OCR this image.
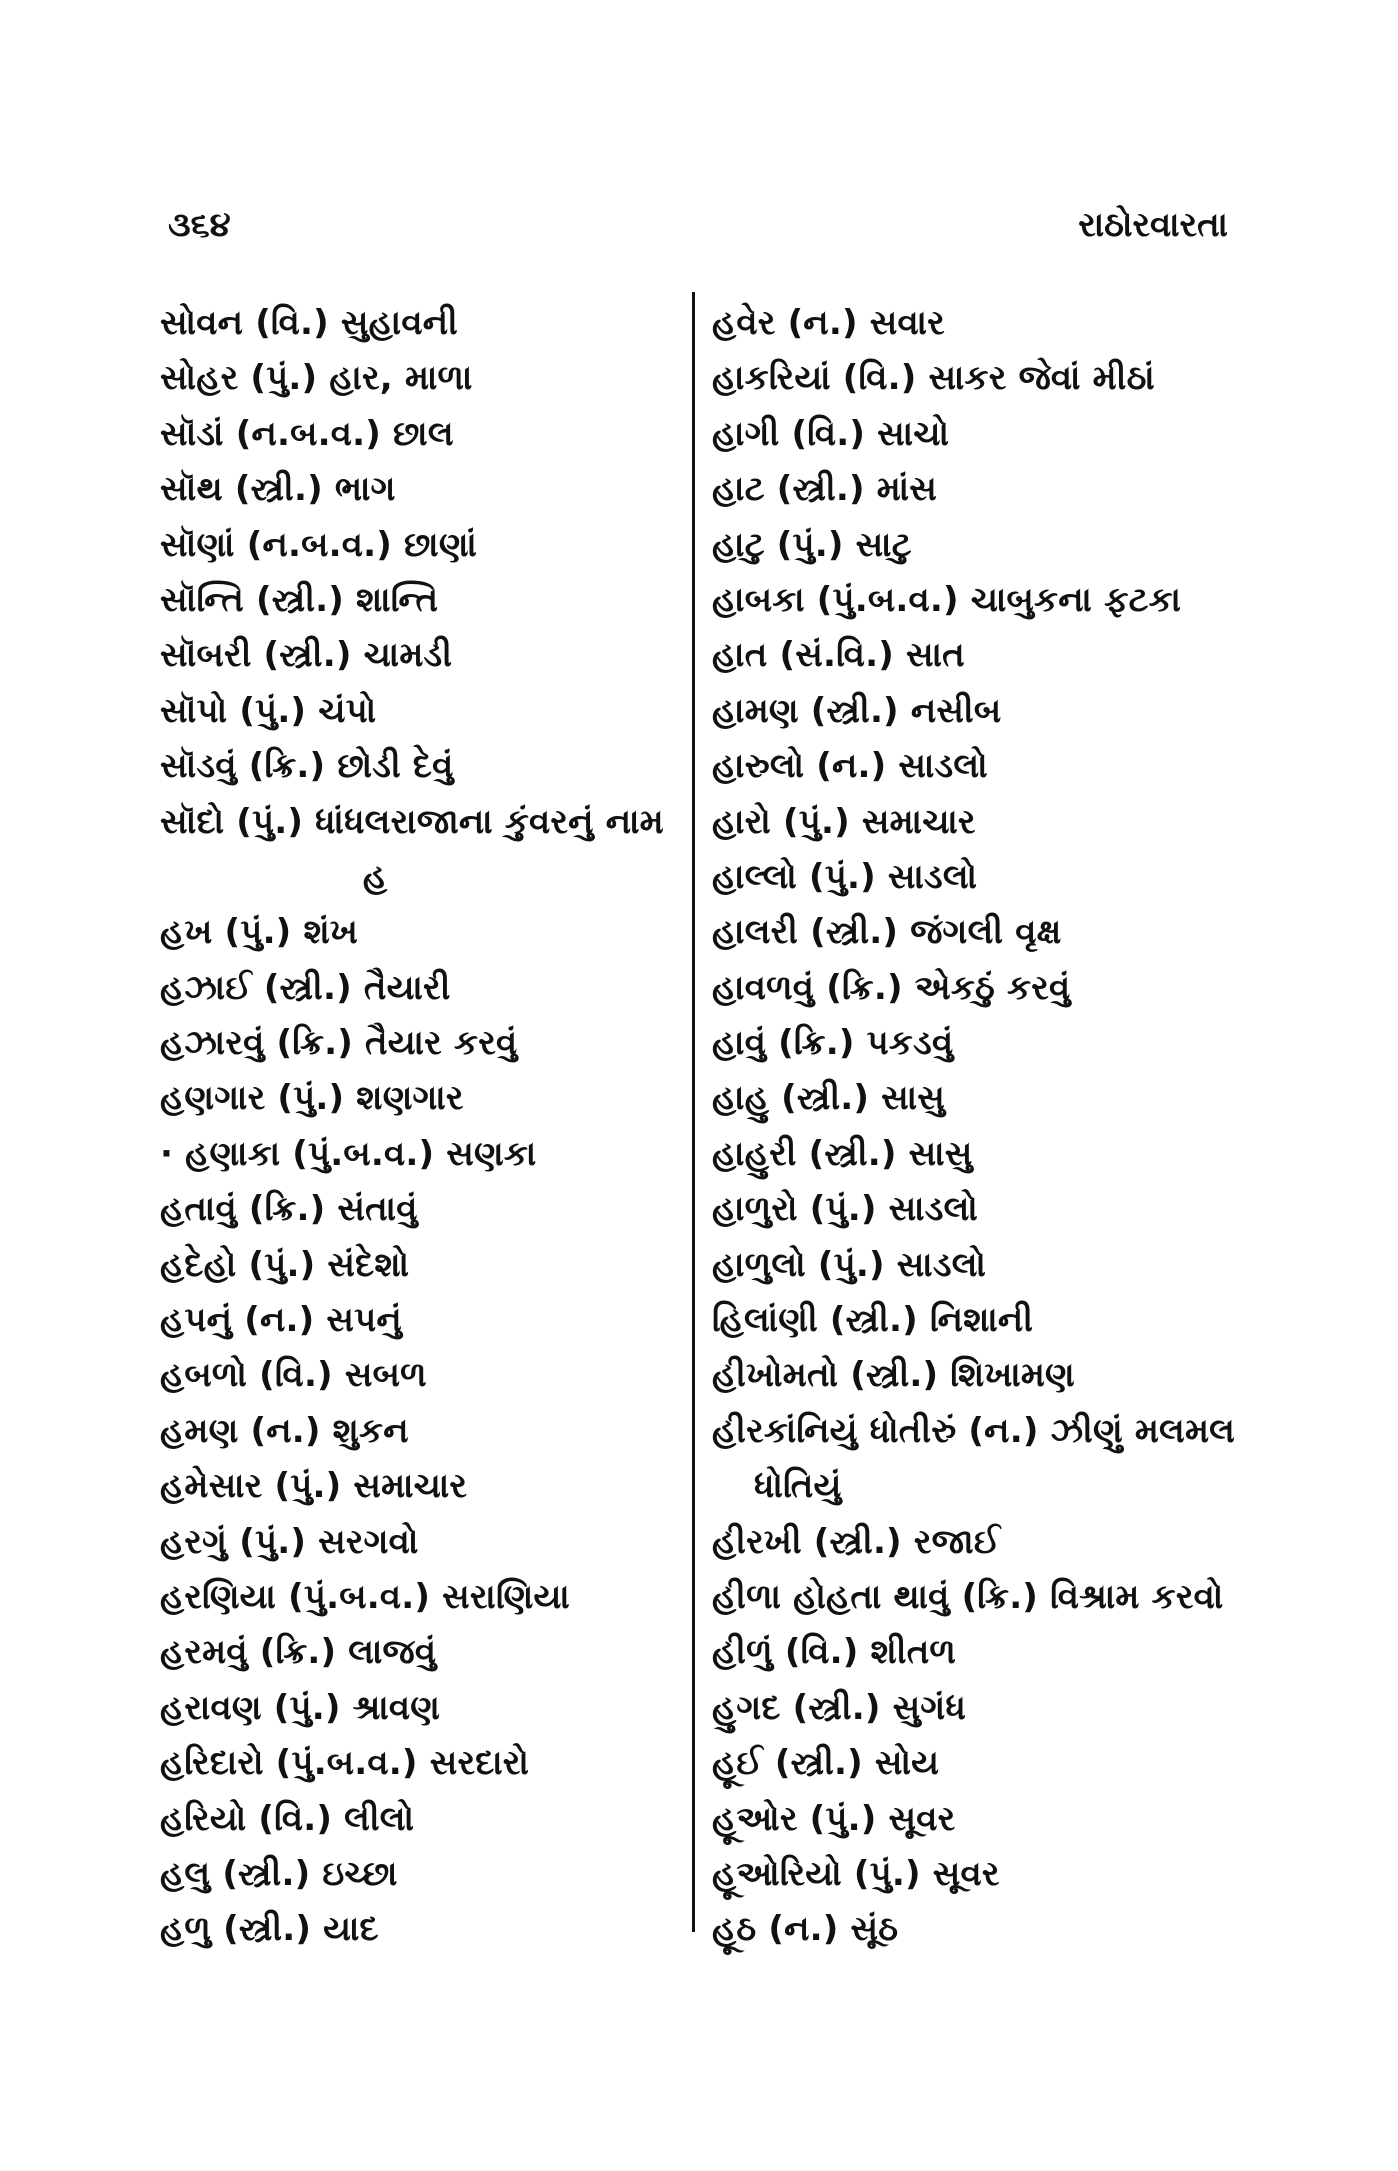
૩૬૪	રાઠોરવારતા
સોવન (વિ.) સુહાવની
સોહર (પું.) હાર, માળા
સૉડાં (ન.બ.વ.) છાલ
સૉથ (સ્ત્રી.) ભાગ
સૉણાં (ન.બ.વ.) છાણાં
સૉન્તિ (સ્ત્રી.) શાન્તિ
સૉબરી (સ્ત્રી.) ચામડી
સૉપો (પું.) ચંપો
સૉડવું (ક્રિ.) છોડી દેવું
સૉદો (પું.) ધાંધલરાજાના કુંવરનું નામ
હ
હખ (પું.) શંખ
હઝાઈ (સ્ત્રી.) તૈયારી
હઝારવું (ક્રિ.) તૈયાર કરવું
હણગાર (પું.) શણગાર
· હણાકા (પું.બ.વ.) સણકા
હતાવું (ક્રિ.) સંતાવું
હદેહો (પું.) સંદેશો
હપનું (ન.) સપનું
હબળો (વિ.) સબળ
હમણ (ન.) શુકન
હમેસાર (પું.) સમાચાર
હરગું (પું.) સરગવો
હરણિયા (પું.બ.વ.) સરાણિયા
હરમવું (ક્રિ.) લાજવું
હરાવણ (પું.) શ્રાવણ
હરિદારો (પું.બ.વ.) સરદારો
હરિયો (વિ.) લીલો
હલુ (સ્ત્રી.) ઇચ્છા
હળુ (સ્ત્રી.) યાદ
હવેર (ન.) સવાર
હાકરિયાં (વિ.) સાકર જેવાં મીઠાં
હાગી (વિ.) સાચો
હાટ (સ્ત્રી.) માંસ
હાટુ (પું.) સાટુ
હાબકા (પું.બ.વ.) ચાબુકના ફટકા
હાત (સં.વિ.) સાત
હામણ (સ્ત્રી.) નસીબ
હારુલો (ન.) સાડલો
હારો (પું.) સમાચાર
હાલ્લો (પું.) સાડલો
હાલરી (સ્ત્રી.) જંગલી વૃક્ષ
હાવળવું (ક્રિ.) એકઠું કરવું
હાવું (ક્રિ.) પકડવું
હાહુ (સ્ત્રી.) સાસુ
હાહુરી (સ્ત્રી.) સાસુ
હાળુરો (પું.) સાડલો
હાળુલો (પું.) સાડલો
હિલાંણી (સ્ત્રી.) નિશાની
હીખોમતો (સ્ત્રી.) શિખામણ
હીરકાંનિયું ધોતીરું (ન.) ઝીણું મલમલ
ધોતિયું
હીરખી (સ્ત્રી.) રજાઈ
હીળા હોહતા થાવું (ક્રિ.) વિશ્રામ કરવો
હીળું (વિ.) શીતળ
હુગદ (સ્ત્રી.) સુગંધ
હૂઈ (સ્ત્રી.) સોય
હૂઓર (પું.) સૂવર
હૂઓરિયો (પું.) સૂવર
હૂઠ (ન.) સૂંઠ
